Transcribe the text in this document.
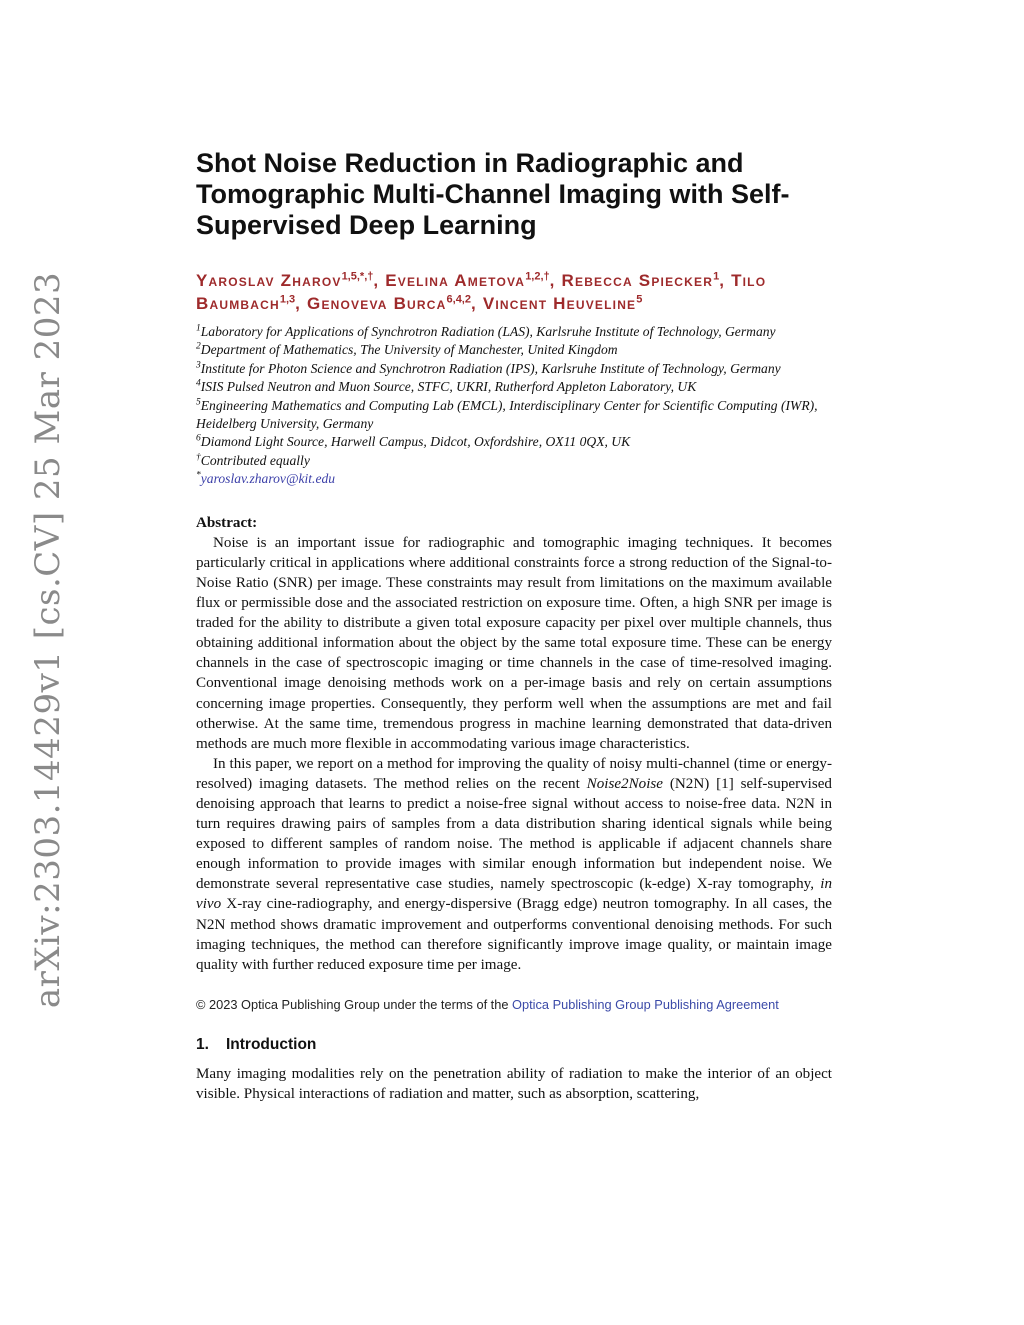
arXiv:2303.14429v1 [cs.CV] 25 Mar 2023
Shot Noise Reduction in Radiographic and Tomographic Multi-Channel Imaging with Self-Supervised Deep Learning
Yaroslav Zharov$^{1,5,*,\dagger}$, Evelina Ametova$^{1,2,\dagger}$, Rebecca Spiecker$^1$, Tilo Baumbach$^{1,3}$, Genoveva Burca$^{6,4,2}$, Vincent Heuveline$^5$

$^1$Laboratory for Applications of Synchrotron Radiation (LAS), Karlsruhe Institute of Technology, Germany

$^2$Department of Mathematics, The University of Manchester, United Kingdom

$^3$Institute for Photon Science and Synchrotron Radiation (IPS), Karlsruhe Institute of Technology, Germany

$^4$ISIS Pulsed Neutron and Muon Source, STFC, UKRI, Rutherford Appleton Laboratory, UK

$^5$Engineering Mathematics and Computing Lab (EMCL), Interdisciplinary Center for Scientific Computing (IWR), Heidelberg University, Germany

$^6$Diamond Light Source, Harwell Campus, Didcot, Oxfordshire, OX11 0QX, UK

†Contributed equally

*yaroslav.zharov@kit.edu

Abstract:

Noise is an important issue for radiographic and tomographic imaging techniques. It becomes particularly critical in applications where additional constraints force a strong reduction of the Signal-to-Noise Ratio (SNR) per image. These constraints may result from limitations on the maximum available flux or permissible dose and the associated restriction on exposure time. Often, a high SNR per image is traded for the ability to distribute a given total exposure capacity per pixel over multiple channels, thus obtaining additional information about the object by the same total exposure time. These can be energy channels in the case of spectroscopic imaging or time channels in the case of time-resolved imaging. Conventional image denoising methods work on a per-image basis and rely on certain assumptions concerning image properties. Consequently, they perform well when the assumptions are met and fail otherwise. At the same time, tremendous progress in machine learning demonstrated that data-driven methods are much more flexible in accommodating various image characteristics.

In this paper, we report on a method for improving the quality of noisy multi-channel (time or energy-resolved) imaging datasets. The method relies on the recent Noise2Noise (N2N) [1] self-supervised denoising approach that learns to predict a noise-free signal without access to noise-free data. N2N in turn requires drawing pairs of samples from a data distribution sharing identical signals while being exposed to different samples of random noise. The method is applicable if adjacent channels share enough information to provide images with similar enough information but independent noise. We demonstrate several representative case studies, namely spectroscopic (k-edge) X-ray tomography, in vivo X-ray cine-radiography, and energy-dispersive (Bragg edge) neutron tomography. In all cases, the N2N method shows dramatic improvement and outperforms conventional denoising methods. For such imaging techniques, the method can therefore significantly improve image quality, or maintain image quality with further reduced exposure time per image.

© 2023 Optica Publishing Group under the terms of the Optica Publishing Group Publishing Agreement
1. Introduction

Many imaging modalities rely on the penetration ability of radiation to make the interior of an object visible. Physical interactions of radiation and matter, such as absorption, scattering,
